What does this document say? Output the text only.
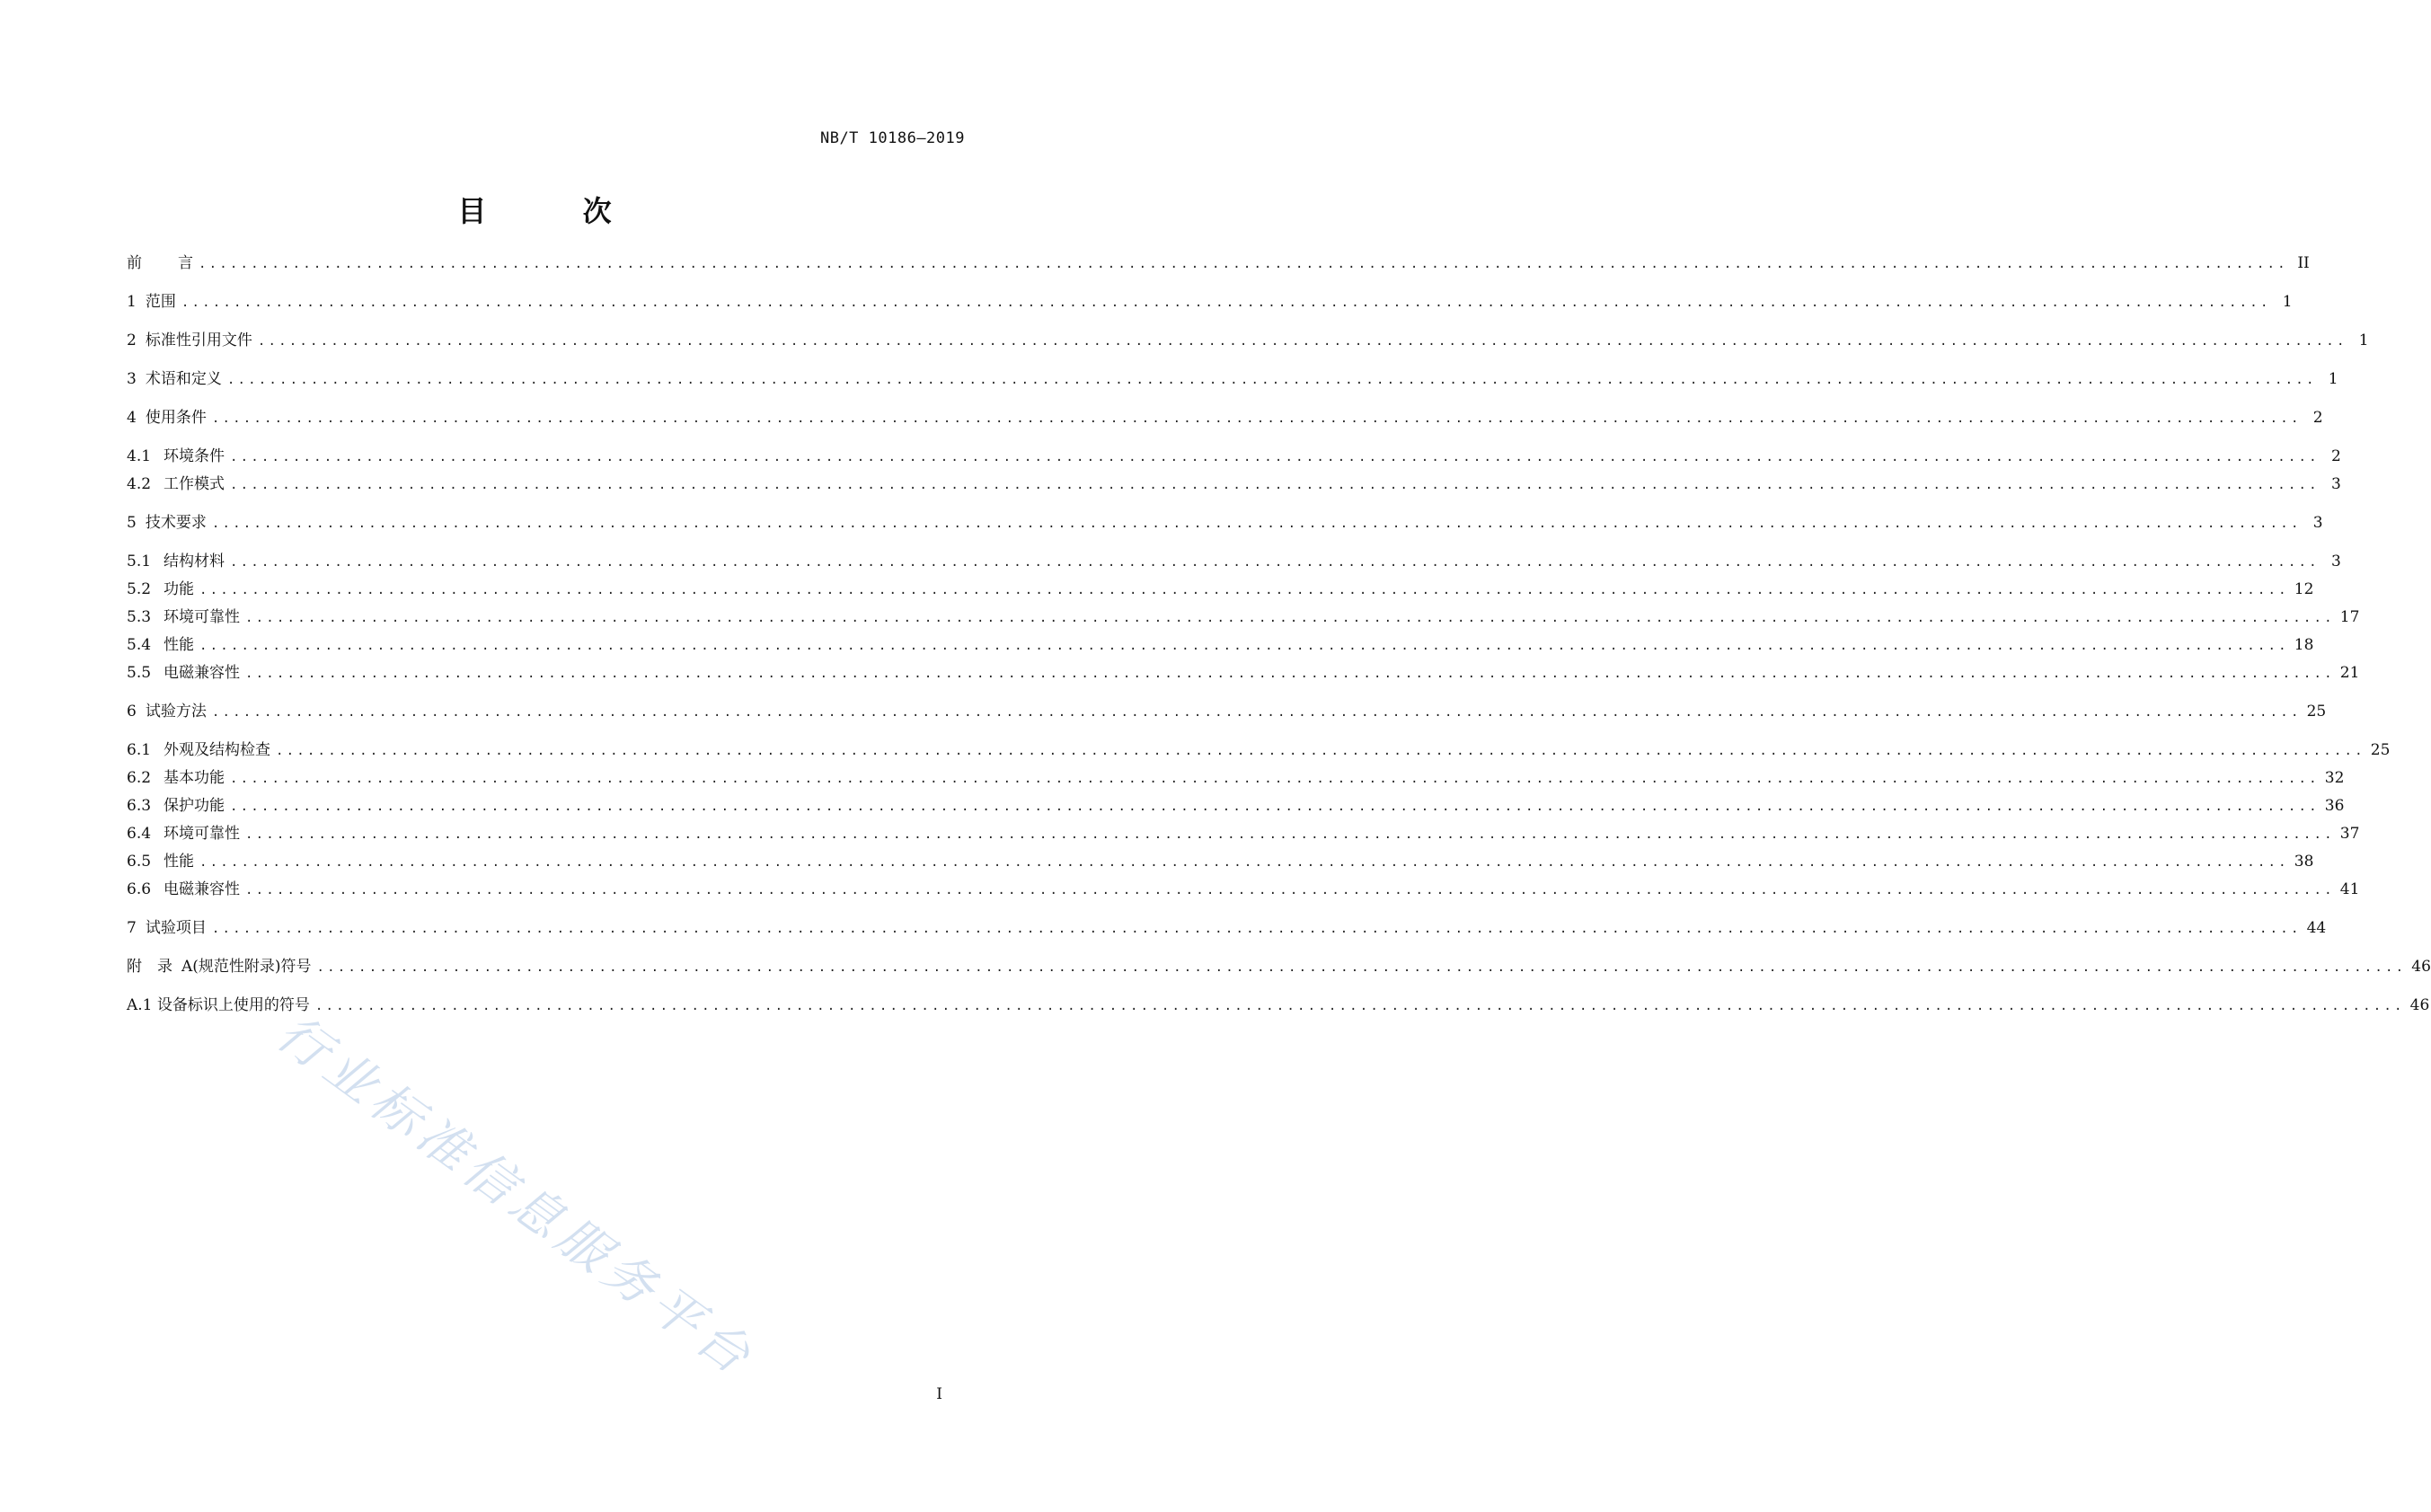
NB/T 10186—2019
目 次
前	言 ........................................................................................................................................................................................................ II
1 范围 ........................................................................................................................................................................................................ 1
2 标准性引用文件 ........................................................................................................................................................................................................ 1
3 术语和定义 ........................................................................................................................................................................................................ 1
4 使用条件 ........................................................................................................................................................................................................ 2
4.1 环境条件 ........................................................................................................................................................................................................ 2
4.2 工作模式 ........................................................................................................................................................................................................ 3
5 技术要求 ........................................................................................................................................................................................................ 3
5.1 结构材料 ........................................................................................................................................................................................................ 3
5.2 功能 ........................................................................................................................................................................................................ 12
5.3 环境可靠性 ........................................................................................................................................................................................................ 17
5.4 性能 ........................................................................................................................................................................................................ 18
5.5 电磁兼容性 ........................................................................................................................................................................................................ 21
6 试验方法 ........................................................................................................................................................................................................ 25
6.1 外观及结构检查 ........................................................................................................................................................................................................ 25
6.2 基本功能 ........................................................................................................................................................................................................ 32
6.3 保护功能 ........................................................................................................................................................................................................ 36
6.4 环境可靠性 ........................................................................................................................................................................................................ 37
6.5 性能 ........................................................................................................................................................................................................ 38
6.6 电磁兼容性 ........................................................................................................................................................................................................ 41
7 试验项目 ........................................................................................................................................................................................................ 44
附　录 A(规范性附录)符号 ........................................................................................................................................................................................................ 46
A.1 设备标识上使用的符号 ........................................................................................................................................................................................................ 46
行业标准信息服务平台
I
